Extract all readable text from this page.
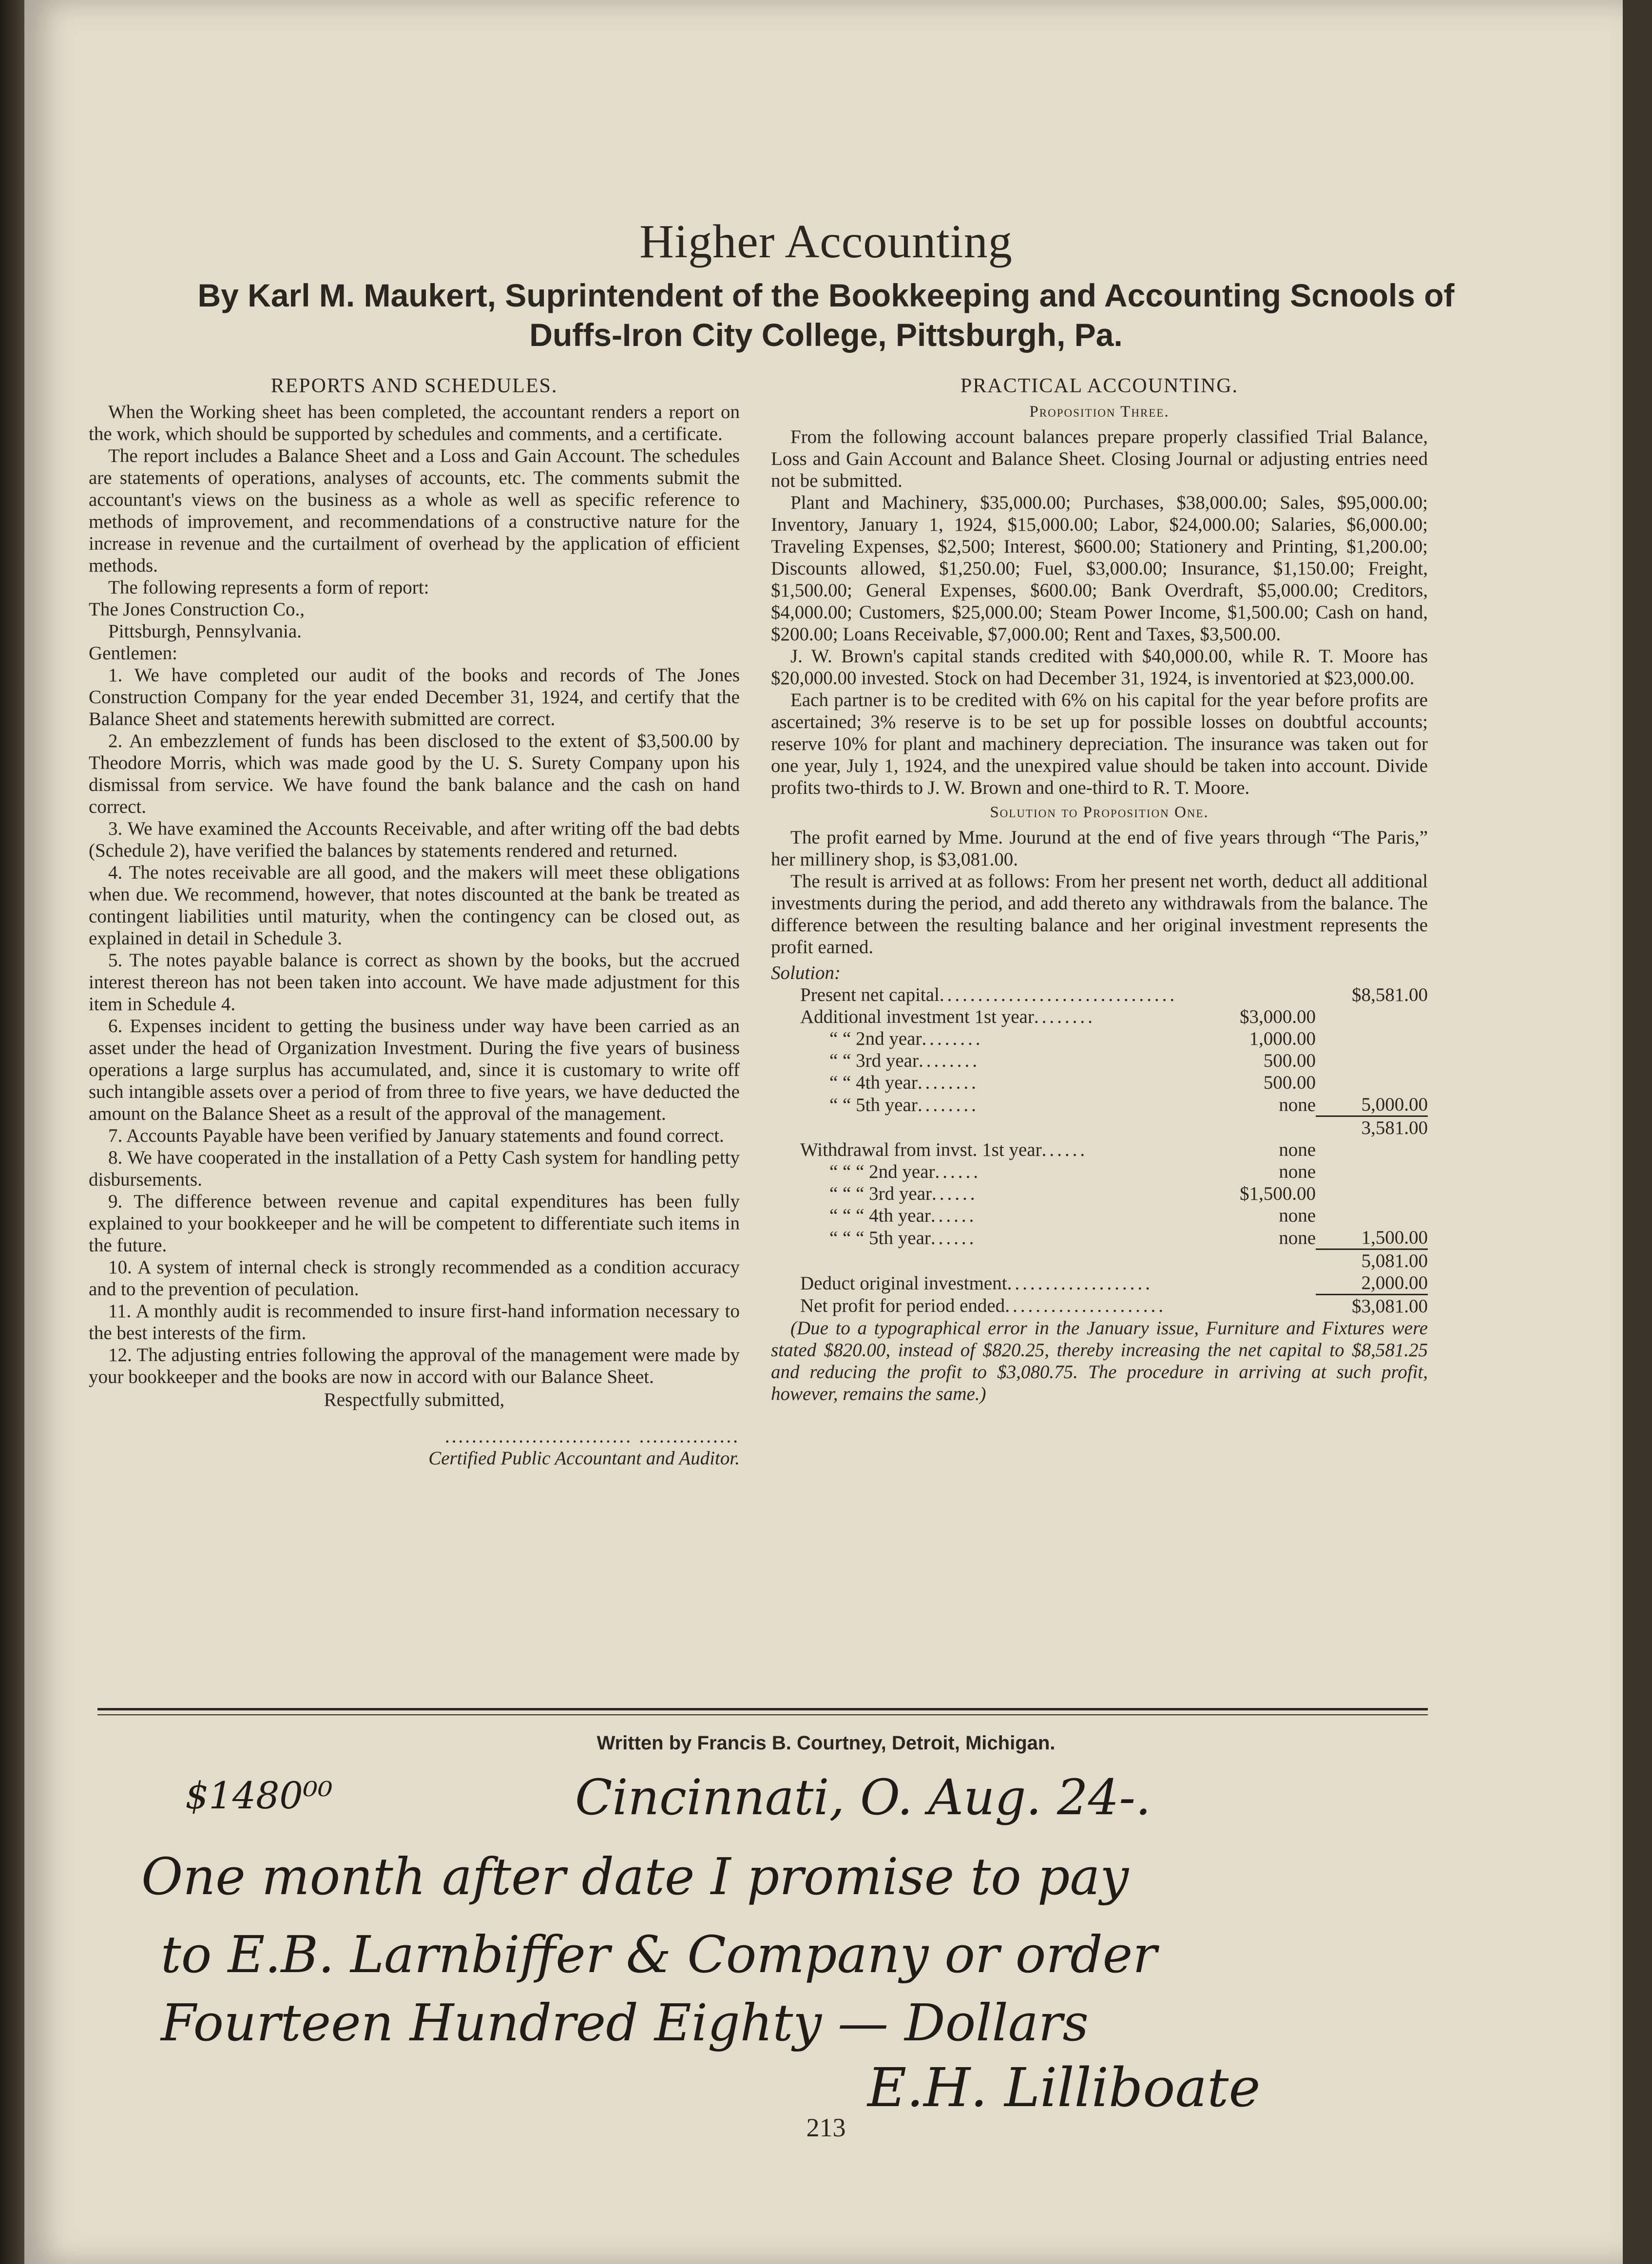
Higher Accounting
By Karl M. Maukert, Suprintendent of the Bookkeeping and Accounting Scnools of
Duffs-Iron City College, Pittsburgh, Pa.
REPORTS AND SCHEDULES.

When the Working sheet has been completed, the accountant renders a report on the work, which should be supported by schedules and comments, and a certificate.

The report includes a Balance Sheet and a Loss and Gain Account. The schedules are statements of operations, analyses of accounts, etc. The comments submit the accountant's views on the business as a whole as well as specific reference to methods of improvement, and recommendations of a constructive nature for the increase in revenue and the curtailment of overhead by the application of efficient methods.

The following represents a form of report:

The Jones Construction Co.,

Pittsburgh, Pennsylvania.

Gentlemen:

1. We have completed our audit of the books and records of The Jones Construction Company for the year ended December 31, 1924, and certify that the Balance Sheet and statements herewith submitted are correct.

2. An embezzlement of funds has been disclosed to the extent of $3,500.00 by Theodore Morris, which was made good by the U. S. Surety Company upon his dismissal from service. We have found the bank balance and the cash on hand correct.

3. We have examined the Accounts Receivable, and after writing off the bad debts (Schedule 2), have verified the balances by statements rendered and returned.

4. The notes receivable are all good, and the makers will meet these obligations when due. We recommend, however, that notes discounted at the bank be treated as contingent liabilities until maturity, when the contingency can be closed out, as explained in detail in Schedule 3.

5. The notes payable balance is correct as shown by the books, but the accrued interest thereon has not been taken into account. We have made adjustment for this item in Schedule 4.

6. Expenses incident to getting the business under way have been carried as an asset under the head of Organization Investment. During the five years of business operations a large surplus has accumulated, and, since it is customary to write off such intangible assets over a period of from three to five years, we have deducted the amount on the Balance Sheet as a result of the approval of the management.

7. Accounts Payable have been verified by January statements and found correct.

8. We have cooperated in the installation of a Petty Cash system for handling petty disbursements.

9. The difference between revenue and capital expenditures has been fully explained to your bookkeeper and he will be competent to differentiate such items in the future.

10. A system of internal check is strongly recommended as a condition accuracy and to the prevention of peculation.

11. A monthly audit is recommended to insure first-hand information necessary to the best interests of the firm.

12. The adjusting entries following the approval of the management were made by your bookkeeper and the books are now in accord with our Balance Sheet.

Respectfully submitted,
............................ ...............
Certified Public Accountant and Auditor.
PRACTICAL ACCOUNTING.
Proposition Three.

From the following account balances prepare properly classified Trial Balance, Loss and Gain Account and Balance Sheet. Closing Journal or adjusting entries need not be submitted.

Plant and Machinery, $35,000.00; Purchases, $38,000.00; Sales, $95,000.00; Inventory, January 1, 1924, $15,000.00; Labor, $24,000.00; Salaries, $6,000.00; Traveling Expenses, $2,500; Interest, $600.00; Stationery and Printing, $1,200.00; Discounts allowed, $1,250.00; Fuel, $3,000.00; Insurance, $1,150.00; Freight, $1,500.00; General Expenses, $600.00; Bank Overdraft, $5,000.00; Creditors, $4,000.00; Customers, $25,000.00; Steam Power Income, $1,500.00; Cash on hand, $200.00; Loans Receivable, $7,000.00; Rent and Taxes, $3,500.00.

J. W. Brown's capital stands credited with $40,000.00, while R. T. Moore has $20,000.00 invested. Stock on had December 31, 1924, is inventoried at $23,000.00.

Each partner is to be credited with 6% on his capital for the year before profits are ascertained; 3% reserve is to be set up for possible losses on doubtful accounts; reserve 10% for plant and machinery depreciation. The insurance was taken out for one year, July 1, 1924, and the unexpired value should be taken into account. Divide profits two-thirds to J. W. Brown and one-third to R. T. Moore.

Solution to Proposition One.

The profit earned by Mme. Jourund at the end of five years through “The Paris,” her millinery shop, is $3,081.00.

The result is arrived at as follows: From her present net worth, deduct all additional investments during the period, and add thereto any withdrawals from the balance. The difference between the resulting balance and her original investment represents the profit earned.

Solution:
Present net capital...............................		$8,581.00
Additional investment 1st year........	$3,000.00	
“ “ 2nd year........	1,000.00	
“ “ 3rd year........	500.00	
“ “ 4th year........	500.00	
“ “ 5th year........	none	5,000.00
		3,581.00
Withdrawal from invst. 1st year......	none	
“ “ “ 2nd year......	none	
“ “ “ 3rd year......	$1,500.00	
“ “ “ 4th year......	none	
“ “ “ 5th year......	none	1,500.00
		5,081.00
Deduct original investment...................		2,000.00
Net profit for period ended.....................		$3,081.00

(Due to a typographical error in the January issue, Furniture and Fixtures were stated $820.00, instead of $820.25, thereby increasing the net capital to $8,581.25 and reducing the profit to $3,080.75. The procedure in arriving at such profit, however, remains the same.)

Written by Francis B. Courtney, Detroit, Michigan.
$1480⁰⁰	Cincinnati, O. Aug. 24-.
One month after date I promise to pay
to E.B. Larnbiffer & Company or order
Fourteen Hundred Eighty — Dollars
E.H. Lilliboate
213
